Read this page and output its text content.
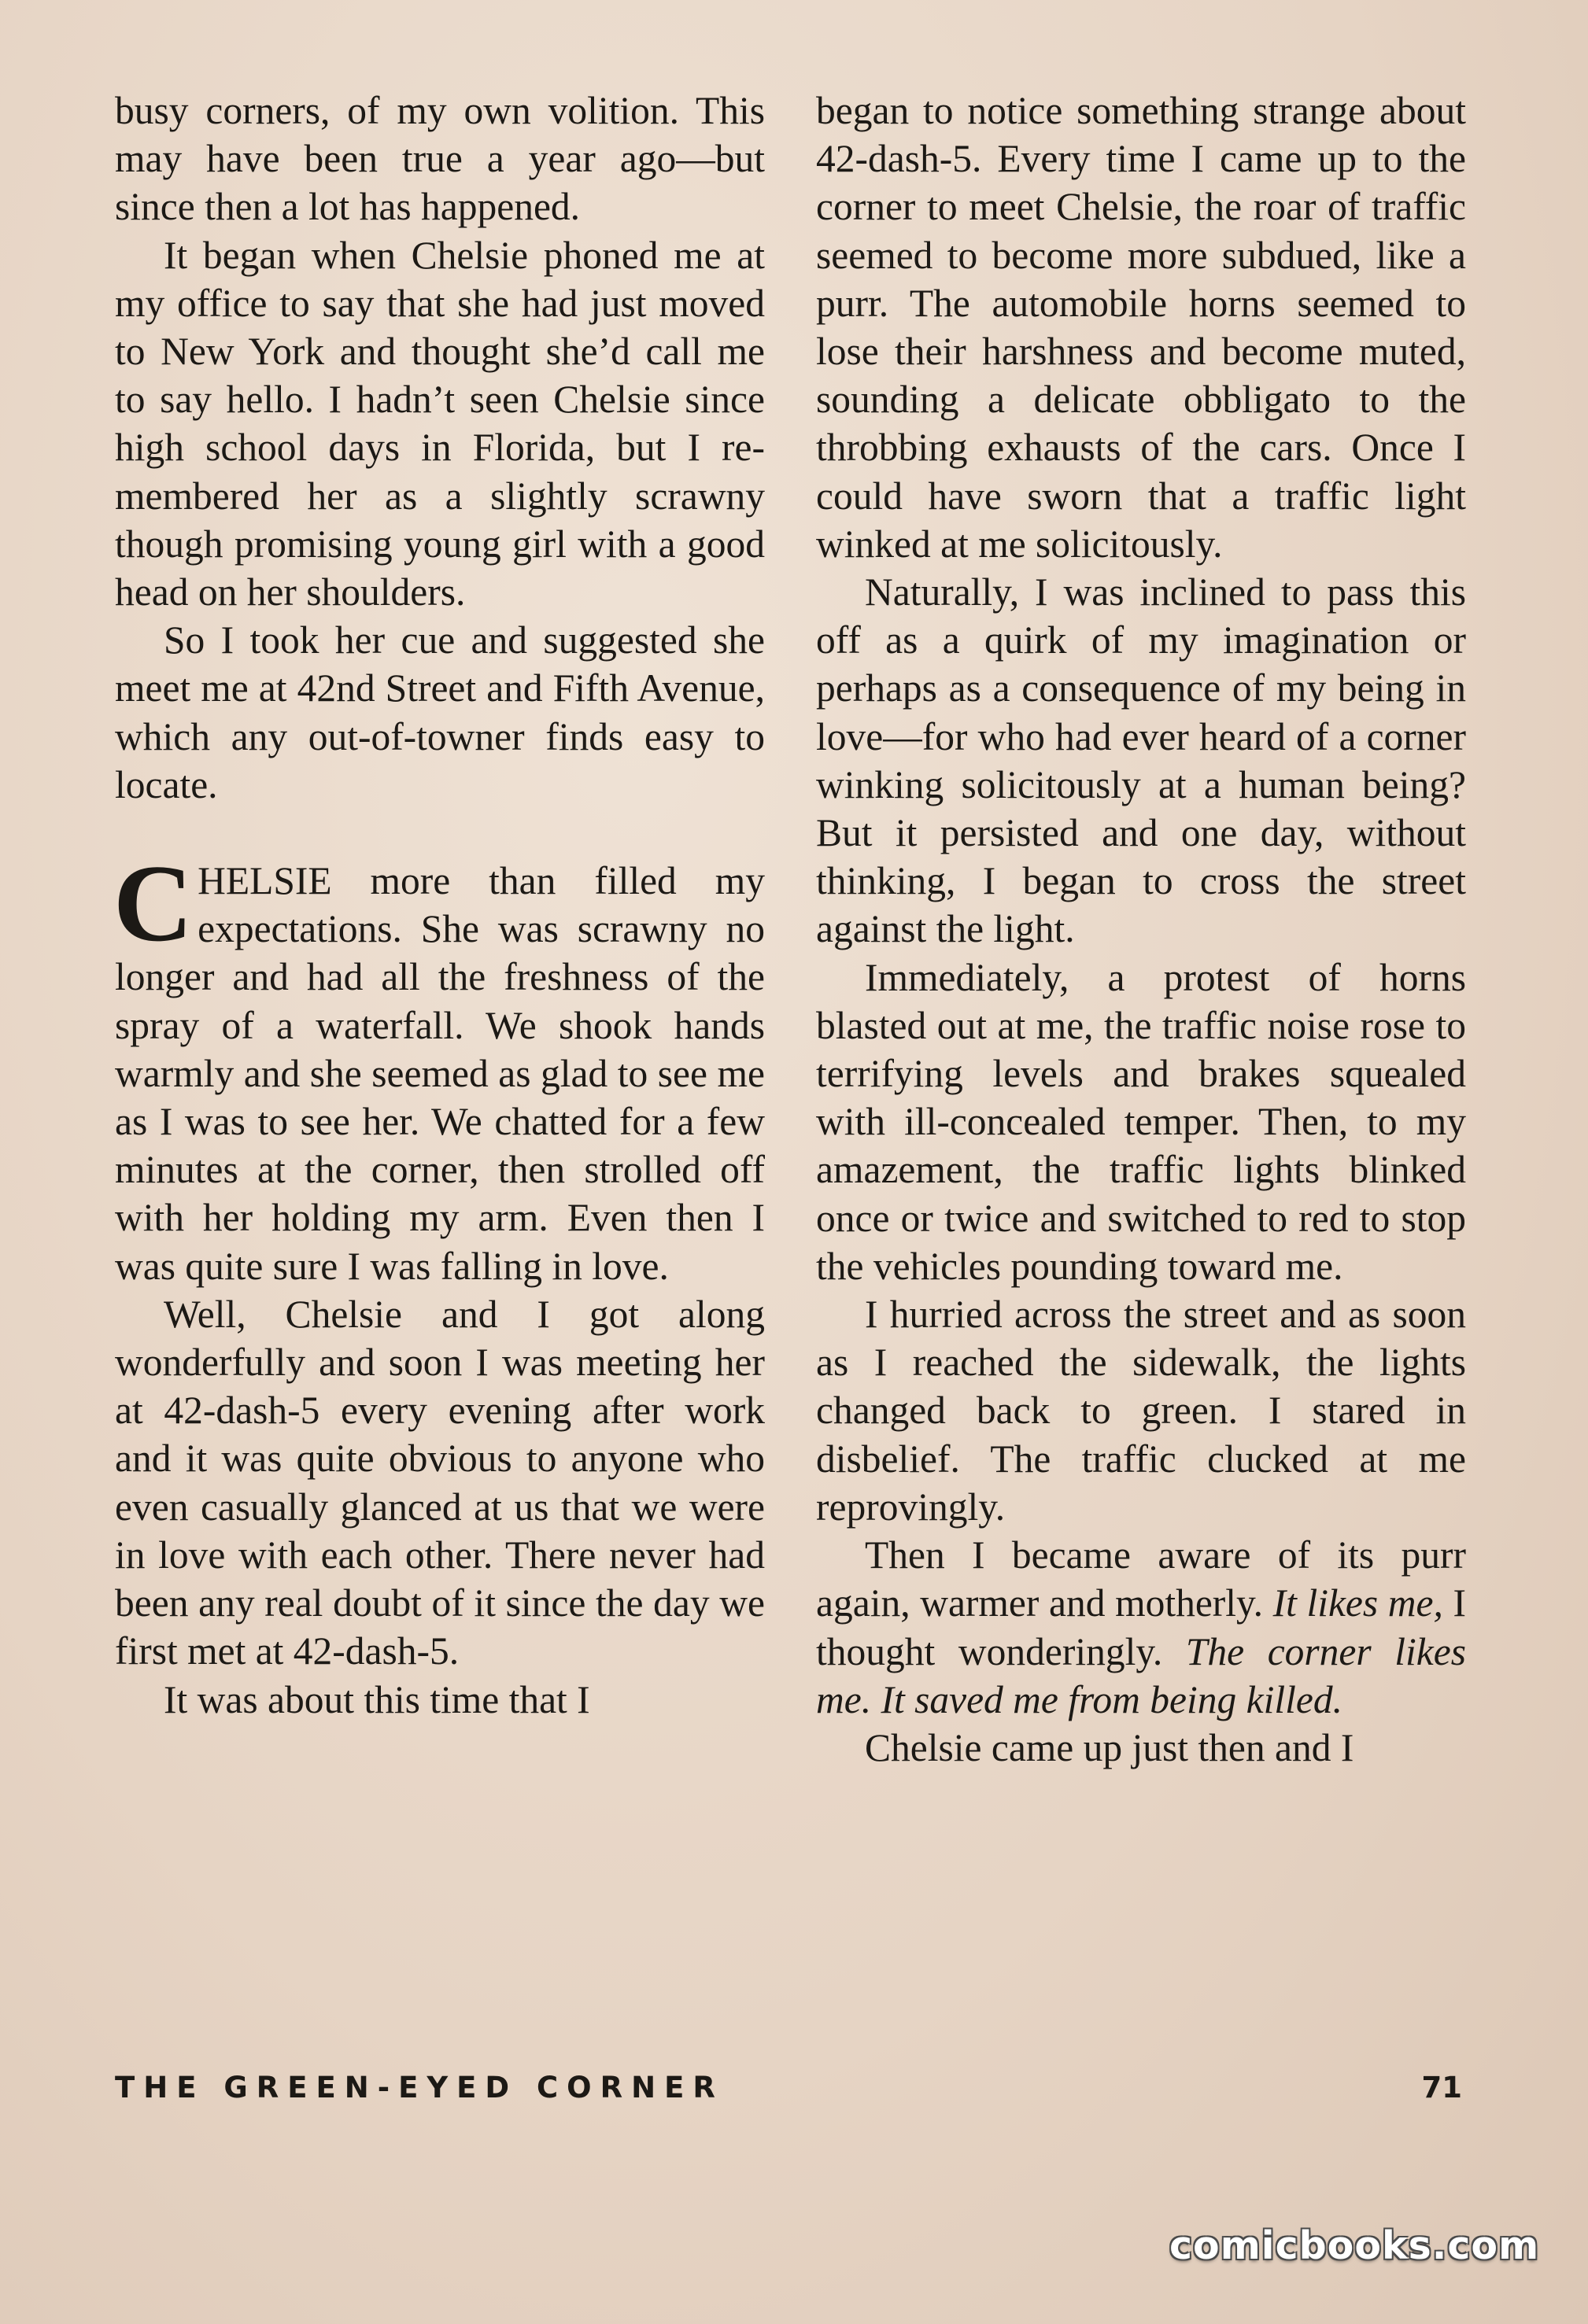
busy corners, of my own volition. This may have been true a year ago—but since then a lot has happened.

It began when Chelsie phoned me at my office to say that she had just moved to New York and thought she’d call me to say hello. I hadn’t seen Chelsie since high school days in Florida, but I remembered her as a slightly scrawny though promising young girl with a good head on her shoulders.

So I took her cue and suggested she meet me at 42nd Street and Fifth Avenue, which any out-of-towner finds easy to locate.

CHELSIE more than filled my expectations. She was scrawny no longer and had all the freshness of the spray of a waterfall. We shook hands warmly and she seemed as glad to see me as I was to see her. We chatted for a few minutes at the corner, then strolled off with her holding my arm. Even then I was quite sure I was falling in love.

Well, Chelsie and I got along wonderfully and soon I was meeting her at 42-dash-5 every evening after work and it was quite obvious to anyone who even casually glanced at us that we were in love with each other. There never had been any real doubt of it since the day we first met at 42-dash-5.

It was about this time that I

began to notice something strange about 42-dash-5. Every time I came up to the corner to meet Chelsie, the roar of traffic seemed to become more subdued, like a purr. The automobile horns seemed to lose their harshness and become muted, sounding a delicate obbligato to the throbbing exhausts of the cars. Once I could have sworn that a traffic light winked at me solicitously.

Naturally, I was inclined to pass this off as a quirk of my imagination or perhaps as a consequence of my being in love—for who had ever heard of a corner winking solicitously at a human being? But it persisted and one day, without thinking, I began to cross the street against the light.

Immediately, a protest of horns blasted out at me, the traffic noise rose to terrifying levels and brakes squealed with ill-concealed temper. Then, to my amazement, the traffic lights blinked once or twice and switched to red to stop the vehicles pounding toward me.

I hurried across the street and as soon as I reached the sidewalk, the lights changed back to green. I stared in disbelief. The traffic clucked at me reprovingly.

Then I became aware of its purr again, warmer and motherly. It likes me, I thought wonderingly. The corner likes me. It saved me from being killed.

Chelsie came up just then and I

THE GREEN-EYED CORNER	71
comicbooks.com
